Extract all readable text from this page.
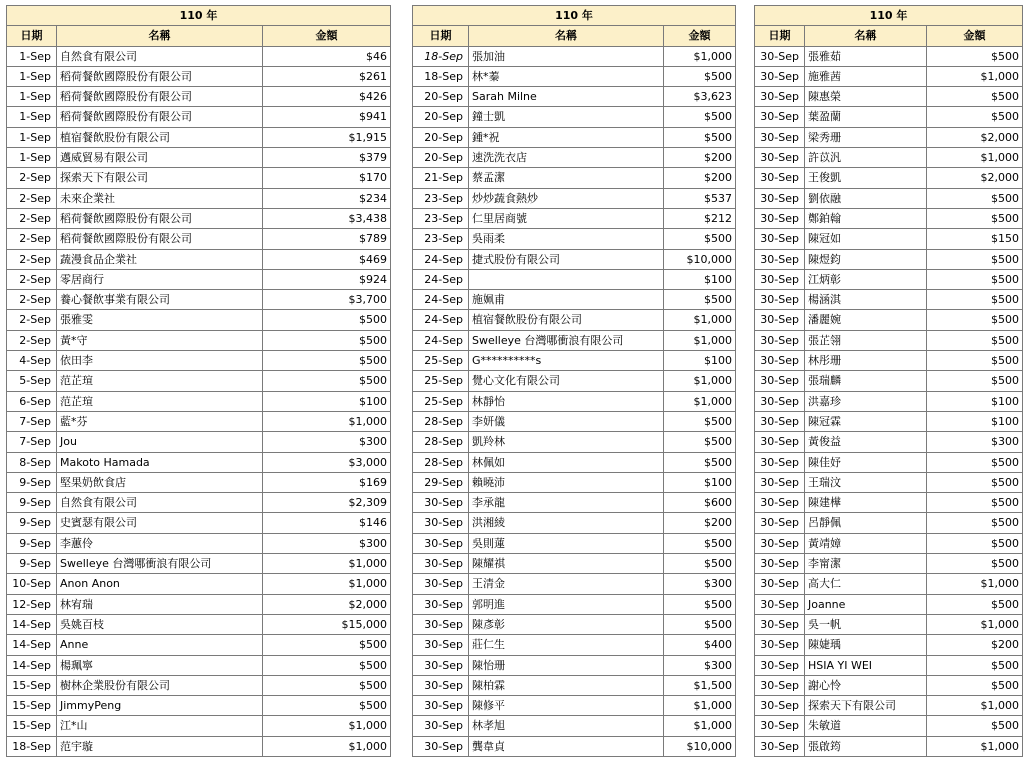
110 年		
日期	名稱	金額
1-Sep	自然食有限公司	$46
1-Sep	稻荷餐飲國際股份有限公司	$261
1-Sep	稻荷餐飲國際股份有限公司	$426
1-Sep	稻荷餐飲國際股份有限公司	$941
1-Sep	植宿餐飲股份有限公司	$1,915
1-Sep	邁威貿易有限公司	$379
2-Sep	探索天下有限公司	$170
2-Sep	未來企業社	$234
2-Sep	稻荷餐飲國際股份有限公司	$3,438
2-Sep	稻荷餐飲國際股份有限公司	$789
2-Sep	蔬漫食品企業社	$469
2-Sep	零居商行	$924
2-Sep	養心餐飲事業有限公司	$3,700
2-Sep	張雅雯	$500
2-Sep	黃*守	$500
4-Sep	依田李	$500
5-Sep	范芷瑄	$500
6-Sep	范芷瑄	$100
7-Sep	藍*芬	$1,000
7-Sep	Jou	$300
8-Sep	Makoto Hamada	$3,000
9-Sep	堅果奶飲食店	$169
9-Sep	自然食有限公司	$2,309
9-Sep	史賓瑟有限公司	$146
9-Sep	李蕙伶	$300
9-Sep	Swelleye 台灣哪衝浪有限公司	$1,000
10-Sep	Anon Anon	$1,000
12-Sep	林宥瑞	$2,000
14-Sep	吳姚百枝	$15,000
14-Sep	Anne	$500
14-Sep	楊珮寧	$500
15-Sep	樹林企業股份有限公司	$500
15-Sep	JimmyPeng	$500
15-Sep	江*山	$1,000
18-Sep	范宇璇	$1,000
110 年		
日期	名稱	金額
18-Sep	張加油	$1,000
18-Sep	林*蓁	$500
20-Sep	Sarah Milne	$3,623
20-Sep	鐘士凱	$500
20-Sep	鍾*祝	$500
20-Sep	速洗洗衣店	$200
21-Sep	蔡孟潔	$200
23-Sep	炒炒蔬食熱炒	$537
23-Sep	仁里居商號	$212
23-Sep	吳雨柔	$500
24-Sep	捷式股份有限公司	$10,000
24-Sep		$100
24-Sep	施姵甫	$500
24-Sep	植宿餐飲股份有限公司	$1,000
24-Sep	Swelleye 台灣哪衝浪有限公司	$1,000
25-Sep	G**********s	$100
25-Sep	覺心文化有限公司	$1,000
25-Sep	林靜怡	$1,000
28-Sep	李妍儀	$500
28-Sep	凱羚林	$500
28-Sep	林佩如	$500
29-Sep	賴曉沛	$100
30-Sep	李承龍	$600
30-Sep	洪湘綾	$200
30-Sep	吳則蓮	$500
30-Sep	陳耀祺	$500
30-Sep	王清金	$300
30-Sep	郭明進	$500
30-Sep	陳彥彰	$500
30-Sep	莊仁生	$400
30-Sep	陳怡珊	$300
30-Sep	陳柏霖	$1,500
30-Sep	陳修平	$1,000
30-Sep	林孝旭	$1,000
30-Sep	龔韋貞	$10,000
110 年		
日期	名稱	金額
30-Sep	張雅茹	$500
30-Sep	施雅茜	$1,000
30-Sep	陳惠榮	$500
30-Sep	葉盈蘭	$500
30-Sep	梁秀珊	$2,000
30-Sep	許苡汎	$1,000
30-Sep	王俊凱	$2,000
30-Sep	劉依融	$500
30-Sep	鄭鉑翰	$500
30-Sep	陳冠如	$150
30-Sep	陳煜鈞	$500
30-Sep	江炳彰	$500
30-Sep	楊涵淇	$500
30-Sep	潘麗婉	$500
30-Sep	張芷翎	$500
30-Sep	林彤珊	$500
30-Sep	張瑞麟	$500
30-Sep	洪嘉珍	$100
30-Sep	陳冠霖	$100
30-Sep	黃俊益	$300
30-Sep	陳佳妤	$500
30-Sep	王瑞汶	$500
30-Sep	陳建樺	$500
30-Sep	呂靜佩	$500
30-Sep	黃靖嫜	$500
30-Sep	李甯潔	$500
30-Sep	高大仁	$1,000
30-Sep	Joanne	$500
30-Sep	吳一帆	$1,000
30-Sep	陳婕瑀	$200
30-Sep	HSIA YI WEI	$500
30-Sep	謝心怜	$500
30-Sep	探索天下有限公司	$1,000
30-Sep	朱敏道	$500
30-Sep	張啟筠	$1,000
